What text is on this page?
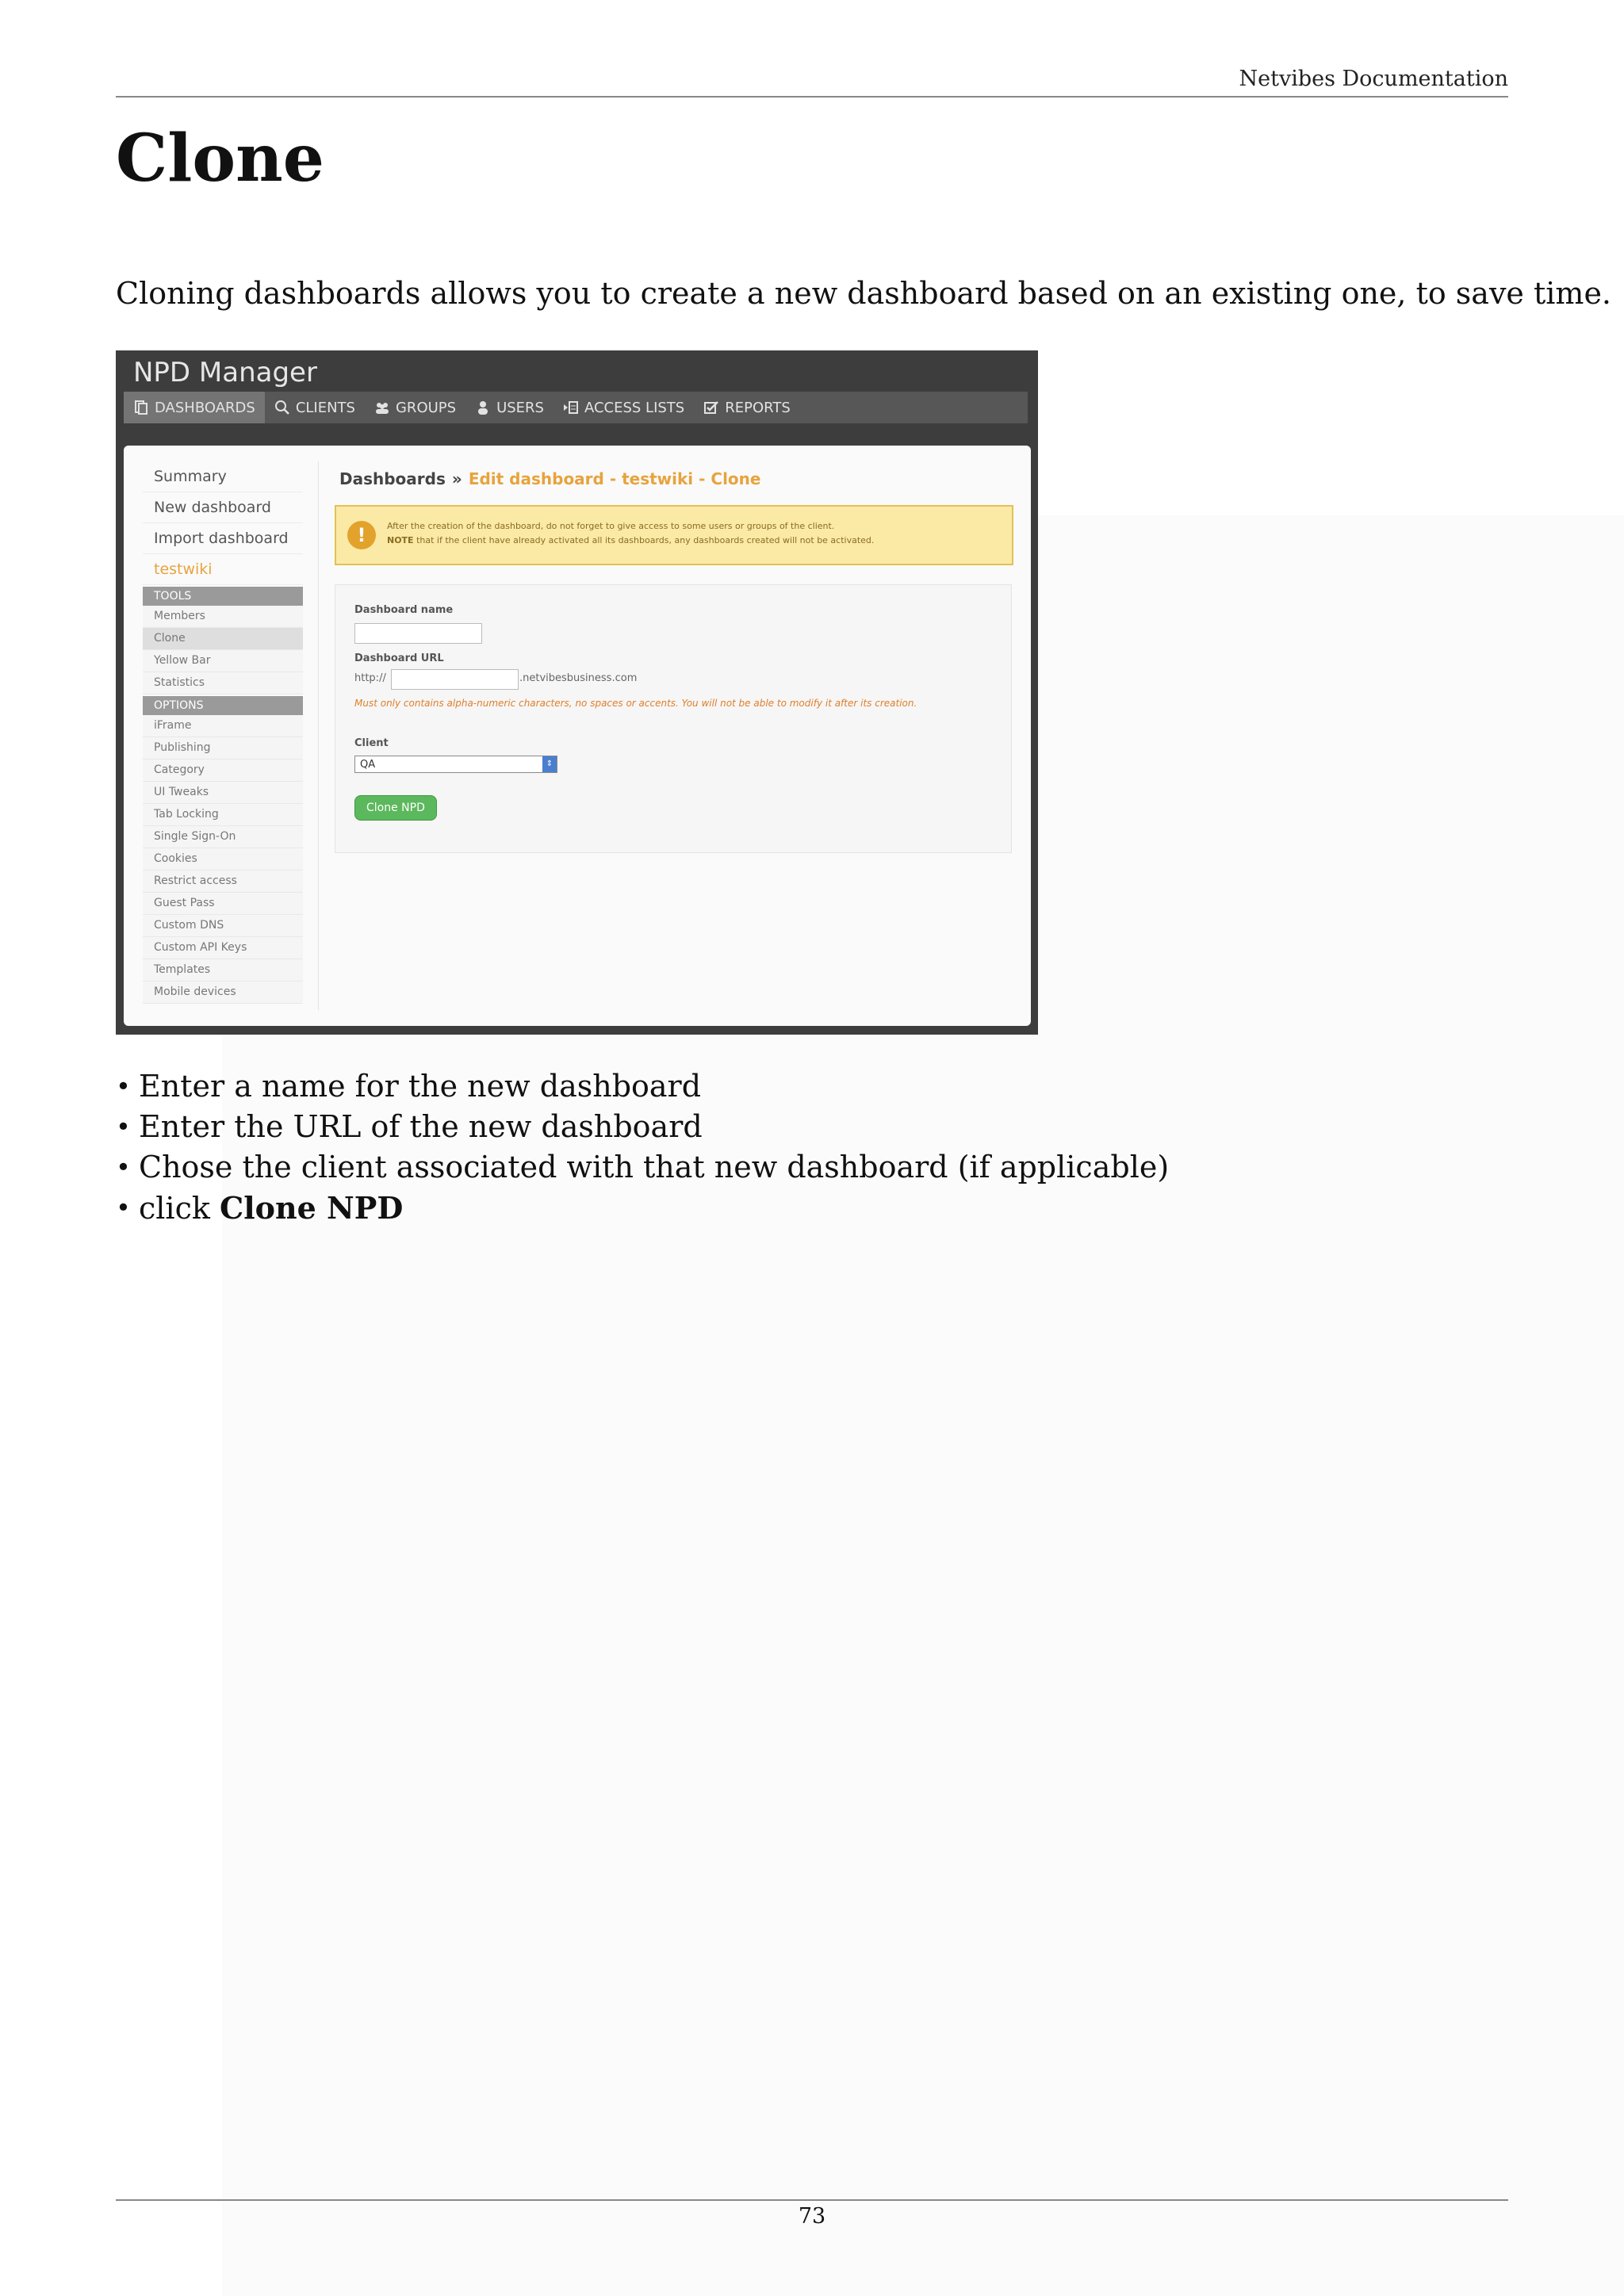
Netvibes Documentation
Clone

Cloning dashboards allows you to create a new dashboard based on an existing one, to save time.

NPD Manager
DASHBOARDS	CLIENTS	GROUPS	USERS	ACCESS LISTS	REPORTS
Summary
New dashboard
Import dashboard
testwiki
TOOLS
Members
Clone
Yellow Bar
Statistics
OPTIONS
iFrame
Publishing
Category
UI Tweaks
Tab Locking
Single Sign-On
Cookies
Restrict access
Guest Pass
Custom DNS
Custom API Keys
Templates
Mobile devices
Dashboards » Edit dashboard - testwiki - Clone
!	After the creation of the dashboard, do not forget to give access to some users or groups of the client.
NOTE that if the client have already activated all its dashboards, any dashboards created will not be activated.
Dashboard name
Dashboard URL
http://	.netvibesbusiness.com
Must only contains alpha-numeric characters, no spaces or accents. You will not be able to modify it after its creation.
Client
QA	⇕
Clone NPD
• Enter a name for the new dashboard
• Enter the URL of the new dashboard
• Chose the client associated with that new dashboard (if applicable)
• click Clone NPD
73
